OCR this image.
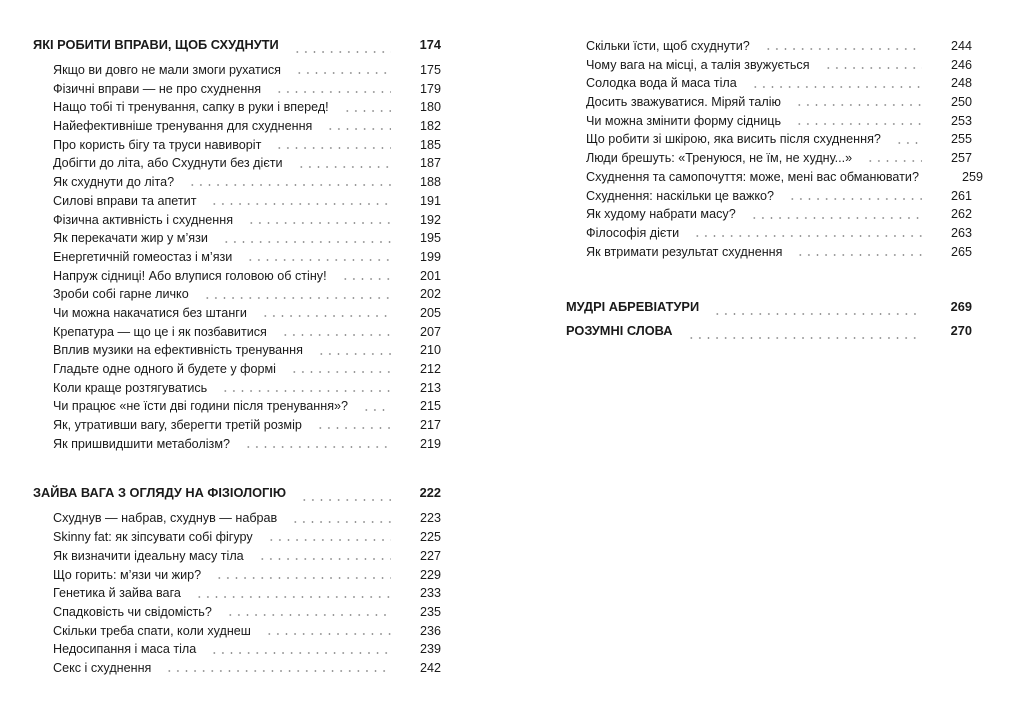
ЯКІ РОБИТИ ВПРАВИ, ЩОБ СХУДНУТИ	174
Якщо ви довго не мали змоги рухатися	175
Фізичні вправи — не про схуднення	179
Нащо тобі ті тренування, сапку в руки і вперед!	180
Найефективніше тренування для схуднення	182
Про користь бігу та труси навиворіт	185
Добігти до літа, або Схуднути без дієти	187
Як схуднути до літа?	188
Силові вправи та апетит	191
Фізична активність і схуднення	192
Як перекачати жир у м’язи	195
Енергетичній гомеостаз і м’язи	199
Напруж сідниці! Або влупися головою об стіну!	201
Зроби собі гарне личко	202
Чи можна накачатися без штанги	205
Крепатура — що це і як позбавитися	207
Вплив музики на ефективність тренування	210
Гладьте одне одного й будете у формі	212
Коли краще розтягуватись	213
Чи працює «не їсти дві години після тренування»?	215
Як, утративши вагу, зберегти третій розмір	217
Як пришвидшити метаболізм?	219
ЗАЙВА ВАГА З ОГЛЯДУ НА ФІЗІОЛОГІЮ	222
Схуднув — набрав, схуднув — набрав	223
Skinny fat: як зіпсувати собі фігуру	225
Як визначити ідеальну масу тіла	227
Що горить: м’язи чи жир?	229
Генетика й зайва вага	233
Спадковість чи свідомість?	235
Скільки треба спати, коли худнеш	236
Недосипання і маса тіла	239
Секс і схуднення	242
Скільки їсти, щоб схуднути?	244
Чому вага на місці, а талія звужується	246
Солодка вода й маса тіла	248
Досить зважуватися. Міряй талію	250
Чи можна змінити форму сідниць	253
Що робити зі шкірою, яка висить після схуднення?	255
Люди брешуть: «Тренуюся, не їм, не худну...»	257
Схуднення та самопочуття: може, мені вас обманювати?	259
Схуднення: наскільки це важко?	261
Як худому набрати масу?	262
Філософія дієти	263
Як втримати результат схуднення	265
МУДРІ АБРЕВІАТУРИ	269
РОЗУМНІ СЛОВА	270
